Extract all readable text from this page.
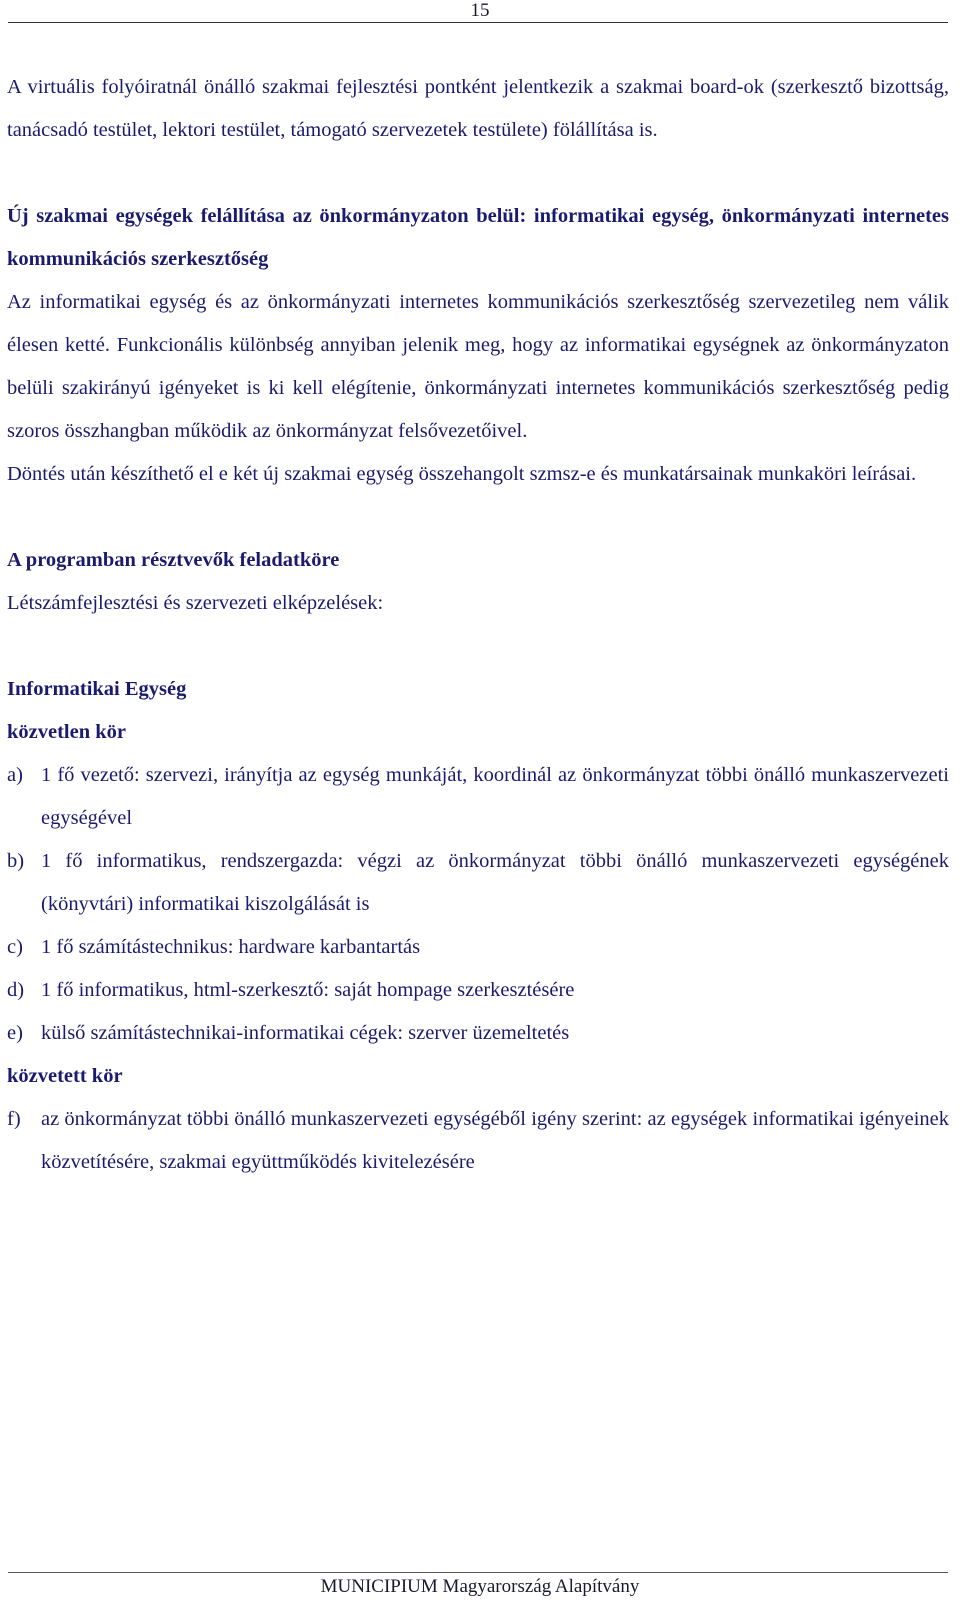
15

A virtuális folyóiratnál önálló szakmai fejlesztési pontként jelentkezik a szakmai board-ok (szerkesztő bizottság, tanácsadó testület, lektori testület, támogató szervezetek testülete) fölállítása is.

Új szakmai egységek felállítása az önkormányzaton belül: informatikai egység, önkormányzati internetes kommunikációs szerkesztőség

Az informatikai egység és az önkormányzati internetes kommunikációs szerkesztőség szervezetileg nem válik élesen ketté. Funkcionális különbség annyiban jelenik meg, hogy az informatikai egységnek az önkormányzaton belüli szakirányú igényeket is ki kell elégítenie, önkormányzati internetes kommunikációs szerkesztőség pedig szoros összhangban működik az önkormányzat felsővezetőivel.

Döntés után készíthető el e két új szakmai egység összehangolt szmsz-e és munkatársainak munkaköri leírásai.

A programban résztvevők feladatköre

Létszámfejlesztési és szervezeti elképzelések:

Informatikai Egység

közvetlen kör

a) 1 fő vezető: szervezi, irányítja az egység munkáját, koordinál az önkormányzat többi önálló munkaszervezeti egységével
b) 1 fő informatikus, rendszergazda: végzi az önkormányzat többi önálló munkaszervezeti egységének (könyvtári) informatikai kiszolgálását is
c) 1 fő számítástechnikus: hardware karbantartás
d) 1 fő informatikus, html-szerkesztő: saját hompage szerkesztésére
e) külső számítástechnikai-informatikai cégek: szerver üzemeltetés

közvetett kör

f) az önkormányzat többi önálló munkaszervezeti egységéből igény szerint: az egységek informatikai igényeinek közvetítésére, szakmai együttműködés kivitelezésére
MUNICIPIUM Magyarország Alapítvány
